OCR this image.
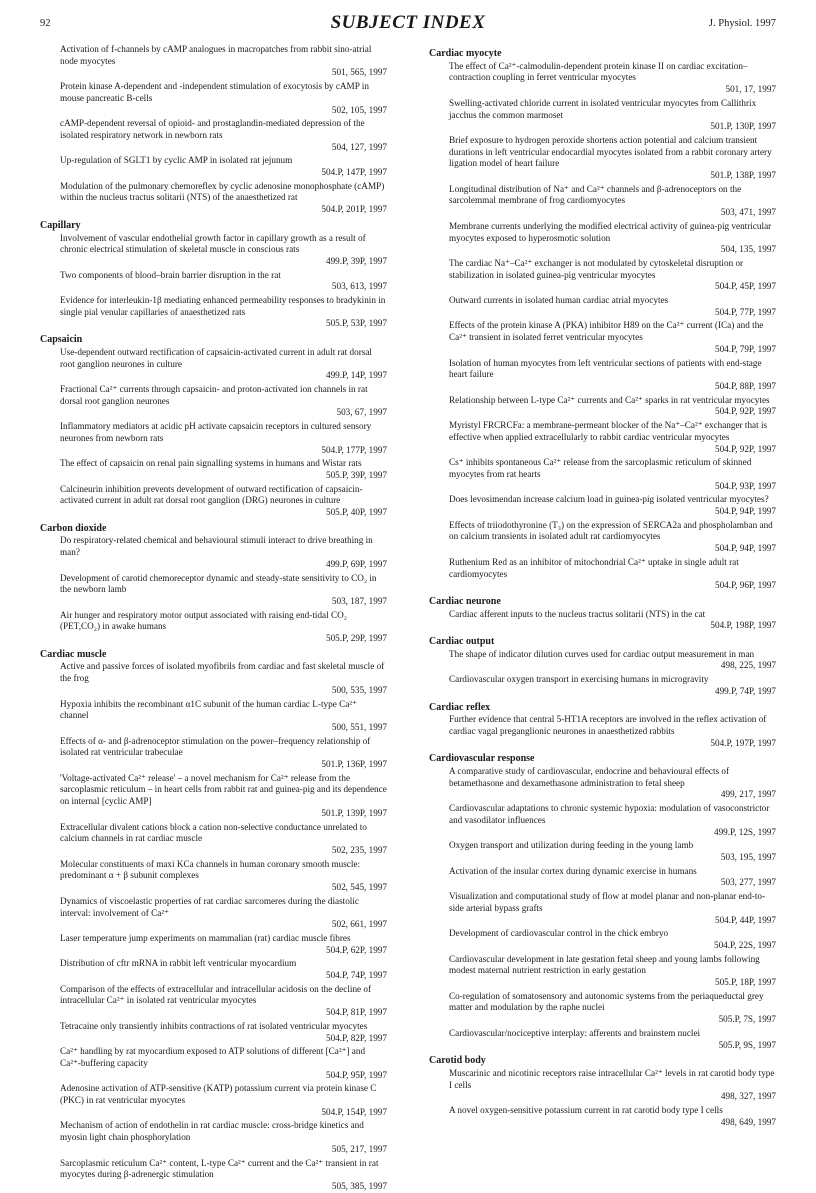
92	SUBJECT INDEX	J. Physiol. 1997
Activation of f-channels by cAMP analogues in macropatches from rabbit sino-atrial node myocytes
501, 565, 1997
Protein kinase A-dependent and -independent stimulation of exocytosis by cAMP in mouse pancreatic B-cells
502, 105, 1997
cAMP-dependent reversal of opioid- and prostaglandin-mediated depression of the isolated respiratory network in newborn rats
504, 127, 1997
Up-regulation of SGLT1 by cyclic AMP in isolated rat jejunum
504.P, 147P, 1997
Modulation of the pulmonary chemoreflex by cyclic adenosine monophosphate (cAMP) within the nucleus tractus solitarii (NTS) of the anaesthetized rat
504.P, 201P, 1997
Capillary
Involvement of vascular endothelial growth factor in capillary growth as a result of chronic electrical stimulation of skeletal muscle in conscious rats
499.P, 39P, 1997
Two components of blood–brain barrier disruption in the rat
503, 613, 1997
Evidence for interleukin-1β mediating enhanced permeability responses to bradykinin in single pial venular capillaries of anaesthetized rats
505.P, 53P, 1997
Capsaicin
Use-dependent outward rectification of capsaicin-activated current in adult rat dorsal root ganglion neurones in culture
499.P, 14P, 1997
Fractional Ca²⁺ currents through capsaicin- and proton-activated ion channels in rat dorsal root ganglion neurones
503, 67, 1997
Inflammatory mediators at acidic pH activate capsaicin receptors in cultured sensory neurones from newborn rats
504.P, 177P, 1997
The effect of capsaicin on renal pain signalling systems in humans and Wistar rats
505.P, 39P, 1997
Calcineurin inhibition prevents development of outward rectification of capsaicin-activated current in adult rat dorsal root ganglion (DRG) neurones in culture
505.P, 40P, 1997
Carbon dioxide
Do respiratory-related chemical and behavioural stimuli interact to drive breathing in man?
499.P, 69P, 1997
Development of carotid chemoreceptor dynamic and steady-state sensitivity to CO₂ in the newborn lamb
503, 187, 1997
Air hunger and respiratory motor output associated with raising end-tidal CO₂ (PET,CO₂) in awake humans
505.P, 29P, 1997
Cardiac muscle
Active and passive forces of isolated myofibrils from cardiac and fast skeletal muscle of the frog
500, 535, 1997
Hypoxia inhibits the recombinant α1C subunit of the human cardiac L-type Ca²⁺ channel
500, 551, 1997
Effects of α- and β-adrenoceptor stimulation on the power–frequency relationship of isolated rat ventricular trabeculae
501.P, 136P, 1997
'Voltage-activated Ca²⁺ release' – a novel mechanism for Ca²⁺ release from the sarcoplasmic reticulum – in heart cells from rabbit rat and guinea-pig and its dependence on internal [cyclic AMP]
501.P, 139P, 1997
Extracellular divalent cations block a cation non-selective conductance unrelated to calcium channels in rat cardiac muscle
502, 235, 1997
Molecular constituents of maxi KCa channels in human coronary smooth muscle: predominant α + β subunit complexes
502, 545, 1997
Dynamics of viscoelastic properties of rat cardiac sarcomeres during the diastolic interval: involvement of Ca²⁺
502, 661, 1997
Laser temperature jump experiments on mammalian (rat) cardiac muscle fibres
504.P, 62P, 1997
Distribution of cftr mRNA in rabbit left ventricular myocardium
504.P, 74P, 1997
Comparison of the effects of extracellular and intracellular acidosis on the decline of intracellular Ca²⁺ in isolated rat ventricular myocytes
504.P, 81P, 1997
Tetracaine only transiently inhibits contractions of rat isolated ventricular myocytes
504.P, 82P, 1997
Ca²⁺ handling by rat myocardium exposed to ATP solutions of different [Ca²⁺] and Ca²⁺-buffering capacity
504.P, 95P, 1997
Adenosine activation of ATP-sensitive (KATP) potassium current via protein kinase C (PKC) in rat ventricular myocytes
504.P, 154P, 1997
Mechanism of action of endothelin in rat cardiac muscle: cross-bridge kinetics and myosin light chain phosphorylation
505, 217, 1997
Sarcoplasmic reticulum Ca²⁺ content, L-type Ca²⁺ current and the Ca²⁺ transient in rat myocytes during β-adrenergic stimulation
505, 385, 1997
Cardiac myocyte
The effect of Ca²⁺-calmodulin-dependent protein kinase II on cardiac excitation–contraction coupling in ferret ventricular myocytes
501, 17, 1997
Swelling-activated chloride current in isolated ventricular myocytes from Callithrix jacchus the common marmoset
501.P, 130P, 1997
Brief exposure to hydrogen peroxide shortens action potential and calcium transient durations in left ventricular endocardial myocytes isolated from a rabbit coronary artery ligation model of heart failure
501.P, 138P, 1997
Longitudinal distribution of Na⁺ and Ca²⁺ channels and β-adrenoceptors on the sarcolemmal membrane of frog cardiomyocytes
503, 471, 1997
Membrane currents underlying the modified electrical activity of guinea-pig ventricular myocytes exposed to hyperosmotic solution
504, 135, 1997
The cardiac Na⁺–Ca²⁺ exchanger is not modulated by cytoskeletal disruption or stabilization in isolated guinea-pig ventricular myocytes
504.P, 45P, 1997
Outward currents in isolated human cardiac atrial myocytes
504.P, 77P, 1997
Effects of the protein kinase A (PKA) inhibitor H89 on the Ca²⁺ current (ICa) and the Ca²⁺ transient in isolated ferret ventricular myocytes
504.P, 79P, 1997
Isolation of human myocytes from left ventricular sections of patients with end-stage heart failure
504.P, 88P, 1997
Relationship between L-type Ca²⁺ currents and Ca²⁺ sparks in rat ventricular myocytes
504.P, 92P, 1997
Myristyl FRCRCFa: a membrane-permeant blocker of the Na⁺–Ca²⁺ exchanger that is effective when applied extracellularly to rabbit cardiac ventricular myocytes
504.P, 92P, 1997
Cs⁺ inhibits spontaneous Ca²⁺ release from the sarcoplasmic reticulum of skinned myocytes from rat hearts
504.P, 93P, 1997
Does levosimendan increase calcium load in guinea-pig isolated ventricular myocytes?
504.P, 94P, 1997
Effects of triiodothyronine (T₃) on the expression of SERCA2a and phospholamban and on calcium transients in isolated adult rat cardiomyocytes
504.P, 94P, 1997
Ruthenium Red as an inhibitor of mitochondrial Ca²⁺ uptake in single adult rat cardiomyocytes
504.P, 96P, 1997
Cardiac neurone
Cardiac afferent inputs to the nucleus tractus solitarii (NTS) in the cat
504.P, 198P, 1997
Cardiac output
The shape of indicator dilution curves used for cardiac output measurement in man
498, 225, 1997
Cardiovascular oxygen transport in exercising humans in microgravity
499.P, 74P, 1997
Cardiac reflex
Further evidence that central 5-HT1A receptors are involved in the reflex activation of cardiac vagal preganglionic neurones in anaesthetized rabbits
504.P, 197P, 1997
Cardiovascular response
A comparative study of cardiovascular, endocrine and behavioural effects of betamethasone and dexamethasone administration to fetal sheep
499, 217, 1997
Cardiovascular adaptations to chronic systemic hypoxia: modulation of vasoconstrictor and vasodilator influences
499.P, 12S, 1997
Oxygen transport and utilization during feeding in the young lamb
503, 195, 1997
Activation of the insular cortex during dynamic exercise in humans
503, 277, 1997
Visualization and computational study of flow at model planar and non-planar end-to-side arterial bypass grafts
504.P, 44P, 1997
Development of cardiovascular control in the chick embryo
504.P, 22S, 1997
Cardiovascular development in late gestation fetal sheep and young lambs following modest maternal nutrient restriction in early gestation
505.P, 18P, 1997
Co-regulation of somatosensory and autonomic systems from the periaqueductal grey matter and modulation by the raphe nuclei
505.P, 7S, 1997
Cardiovascular/nociceptive interplay: afferents and brainstem nuclei
505.P, 9S, 1997
Carotid body
Muscarinic and nicotinic receptors raise intracellular Ca²⁺ levels in rat carotid body type I cells
498, 327, 1997
A novel oxygen-sensitive potassium current in rat carotid body type I cells
498, 649, 1997
